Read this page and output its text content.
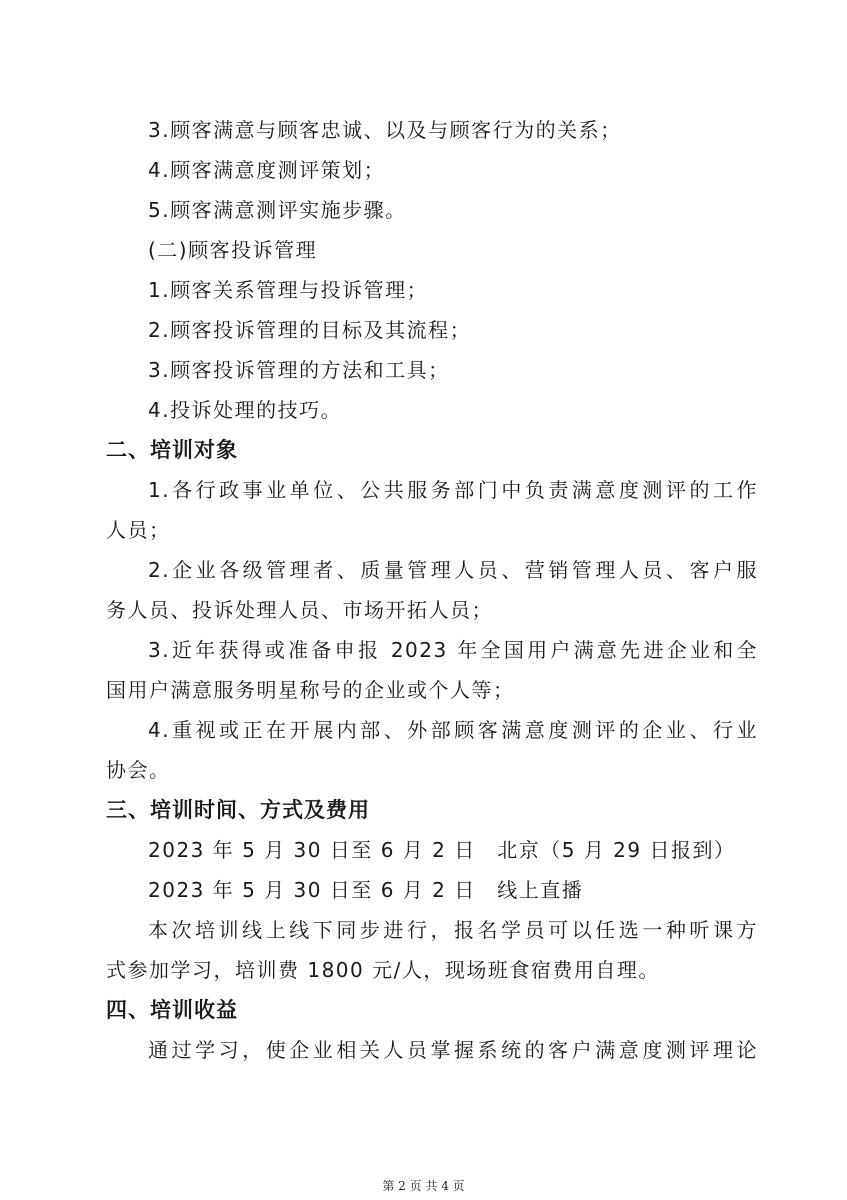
3.顾客满意与顾客忠诚、以及与顾客行为的关系；
4.顾客满意度测评策划；
5.顾客满意测评实施步骤。
(二)顾客投诉管理
1.顾客关系管理与投诉管理；
2.顾客投诉管理的目标及其流程；
3.顾客投诉管理的方法和工具；
4.投诉处理的技巧。
二、培训对象
1.各行政事业单位、公共服务部门中负责满意度测评的工作
人员；
2.企业各级管理者、质量管理人员、营销管理人员、客户服
务人员、投诉处理人员、市场开拓人员；
3.近年获得或准备申报 2023 年全国用户满意先进企业和全
国用户满意服务明星称号的企业或个人等；
4.重视或正在开展内部、外部顾客满意度测评的企业、行业
协会。
三、培训时间、方式及费用
2023 年 5 月 30 日至 6 月 2 日　北京（5 月 29 日报到）
2023 年 5 月 30 日至 6 月 2 日　线上直播
本次培训线上线下同步进行，报名学员可以任选一种听课方
式参加学习，培训费 1800 元/人，现场班食宿费用自理。
四、培训收益
通过学习，使企业相关人员掌握系统的客户满意度测评理论
第 2 页 共 4 页
